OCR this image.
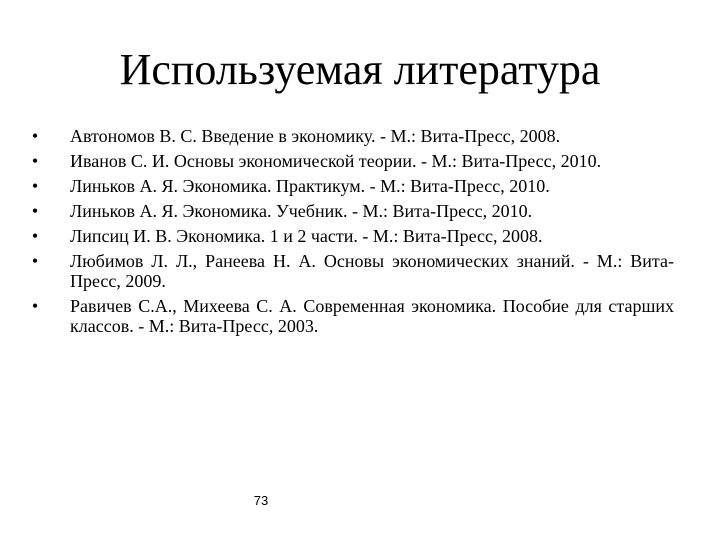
Используемая литература
• Автономов В. С. Введение в экономику. - М.: Вита-Пресс, 2008.
• Иванов С. И. Основы экономической теории. - М.: Вита-Пресс, 2010.
• Линьков А. Я. Экономика. Практикум. - М.: Вита-Пресс, 2010.
• Линьков А. Я. Экономика. Учебник. - М.: Вита-Пресс, 2010.
• Липсиц И. В. Экономика. 1 и 2 части. - М.: Вита-Пресс, 2008.
• Любимов Л. Л., Ранеева Н. А. Основы экономических знаний. - М.: Вита-Пресс, 2009.
• Равичев С.А., Михеева С. А. Современная экономика. Пособие для старших классов. - М.: Вита-Пресс, 2003.
73
